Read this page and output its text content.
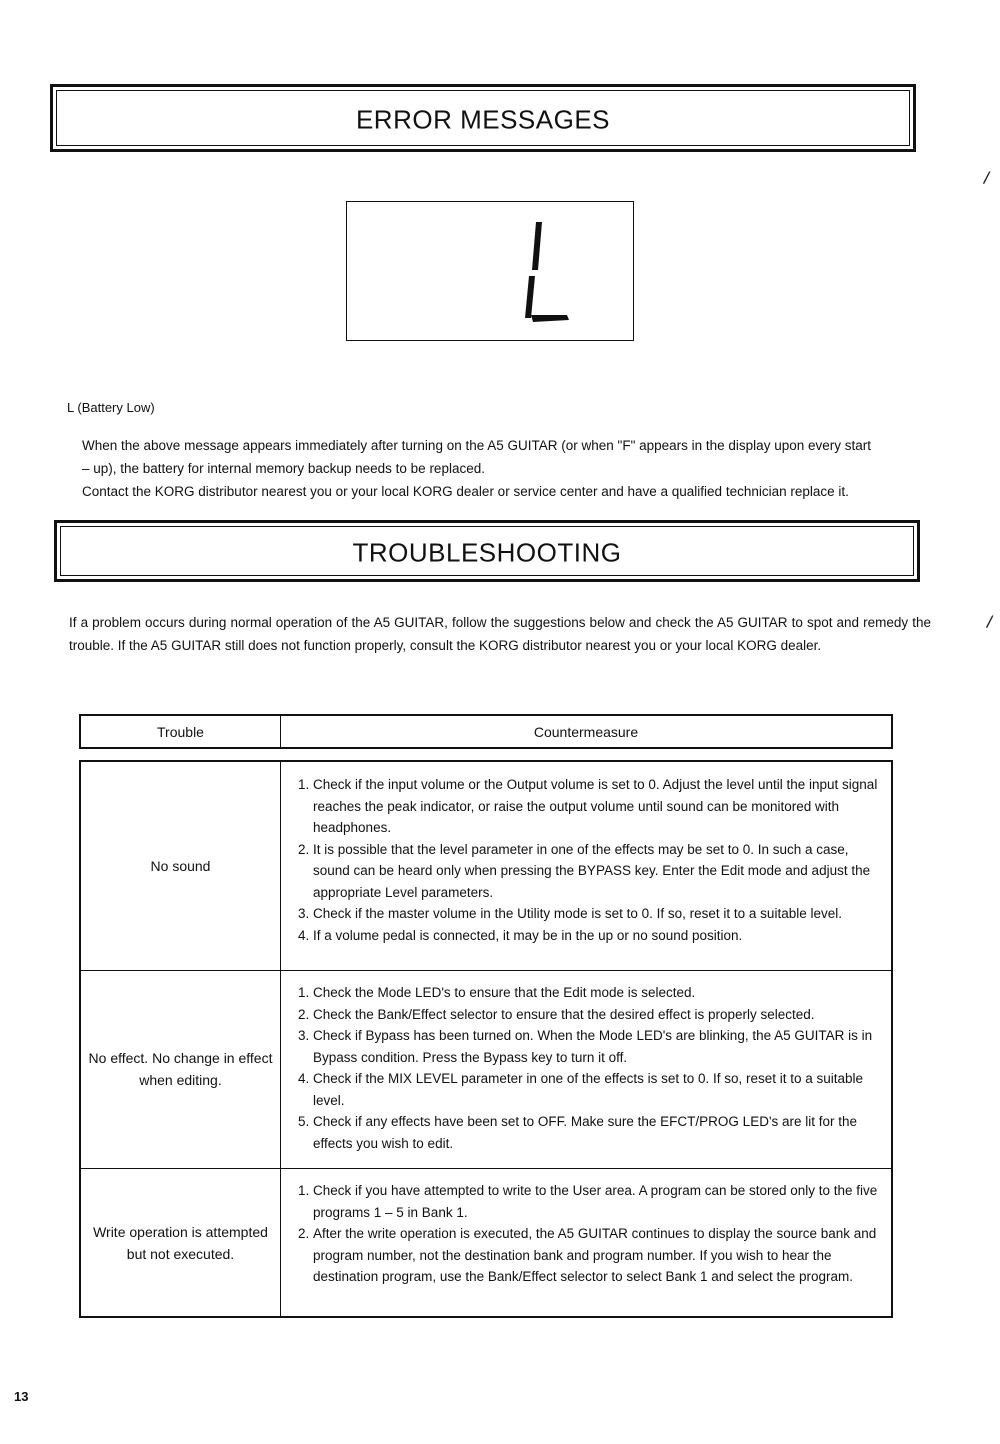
ERROR MESSAGES
L (Battery Low)

When the above message appears immediately after turning on the A5 GUITAR (or when "F" appears in the display upon every start
– up), the battery for internal memory backup needs to be replaced.
Contact the KORG distributor nearest you or your local KORG dealer or service center and have a qualified technician replace it.

TROUBLESHOOTING

If a problem occurs during normal operation of the A5 GUITAR, follow the suggestions below and check the A5 GUITAR to spot and remedy the trouble. If the A5 GUITAR still does not function properly, consult the KORG distributor nearest you or your local KORG dealer.

Trouble	Countermeasure
No sound
1. Check if the input volume or the Output volume is set to 0. Adjust the level until the input signal reaches the peak indicator, or raise the output volume until sound can be monitored with headphones.
2. It is possible that the level parameter in one of the effects may be set to 0. In such a case, sound can be heard only when pressing the BYPASS key. Enter the Edit mode and adjust the appropriate Level parameters.
3. Check if the master volume in the Utility mode is set to 0. If so, reset it to a suitable level.
4. If a volume pedal is connected, it may be in the up or no sound position.
No effect. No change in effect when editing.
1. Check the Mode LED's to ensure that the Edit mode is selected.
2. Check the Bank/Effect selector to ensure that the desired effect is properly selected.
3. Check if Bypass has been turned on. When the Mode LED's are blinking, the A5 GUITAR is in Bypass condition. Press the Bypass key to turn it off.
4. Check if the MIX LEVEL parameter in one of the effects is set to 0. If so, reset it to a suitable level.
5. Check if any effects have been set to OFF. Make sure the EFCT/PROG LED's are lit for the effects you wish to edit.
Write operation is attempted but not executed.
1. Check if you have attempted to write to the User area. A program can be stored only to the five programs 1 – 5 in Bank 1.
2. After the write operation is executed, the A5 GUITAR continues to display the source bank and program number, not the destination bank and program number. If you wish to hear the destination program, use the Bank/Effect selector to select Bank 1 and select the program.
13
/
/
